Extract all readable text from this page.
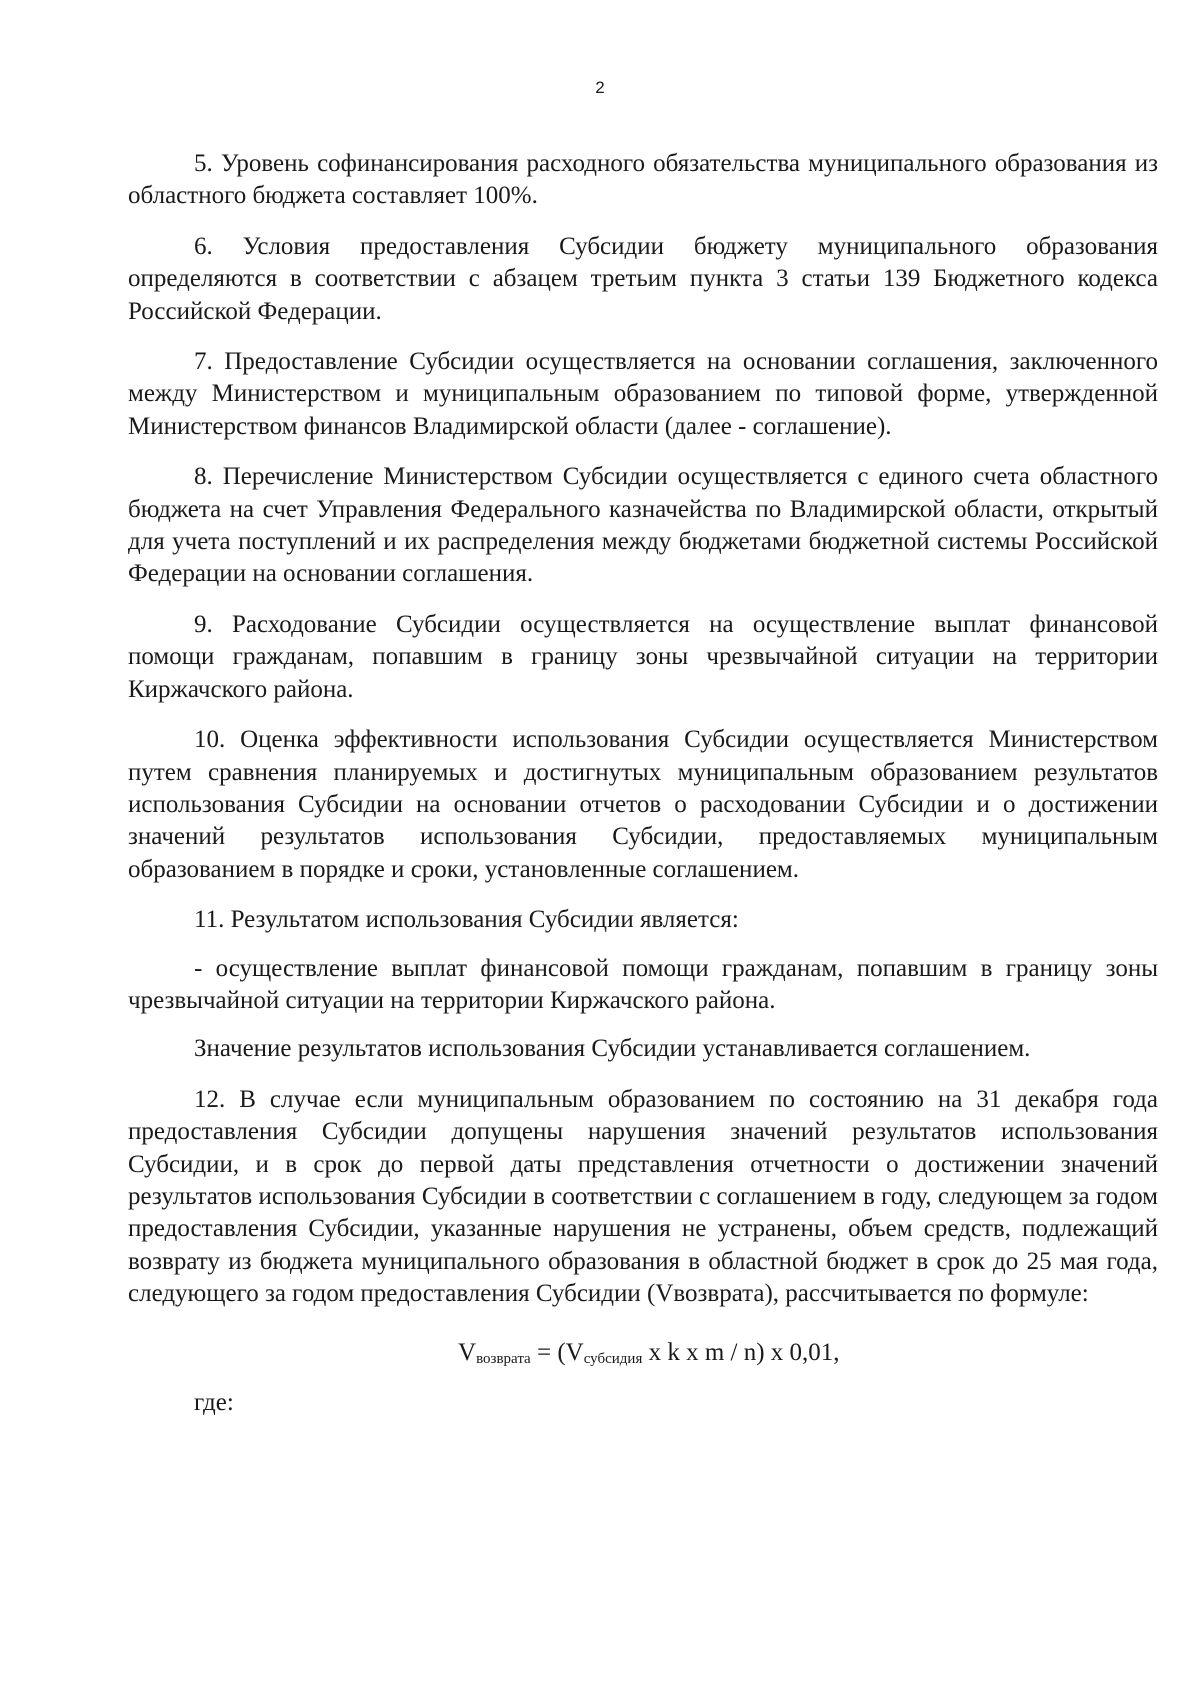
2

5. Уровень софинансирования расходного обязательства муниципального образования из областного бюджета составляет 100%.

6. Условия предоставления Субсидии бюджету муниципального образования определяются в соответствии с абзацем третьим пункта 3 статьи 139 Бюджетного кодекса Российской Федерации.

7. Предоставление Субсидии осуществляется на основании соглашения, заключенного между Министерством и муниципальным образованием по типовой форме, утвержденной Министерством финансов Владимирской области (далее - соглашение).

8. Перечисление Министерством Субсидии осуществляется с единого счета областного бюджета на счет Управления Федерального казначейства по Владимирской области, открытый для учета поступлений и их распределения между бюджетами бюджетной системы Российской Федерации на основании соглашения.

9. Расходование Субсидии осуществляется на осуществление выплат финансовой помощи гражданам, попавшим в границу зоны чрезвычайной ситуации на территории Киржачского района.

10. Оценка эффективности использования Субсидии осуществляется Министерством путем сравнения планируемых и достигнутых муниципальным образованием результатов использования Субсидии на основании отчетов о расходовании Субсидии и о достижении значений результатов использования Субсидии, предоставляемых муниципальным образованием в порядке и сроки, установленные соглашением.

11. Результатом использования Субсидии является:

- осуществление выплат финансовой помощи гражданам, попавшим в границу зоны чрезвычайной ситуации на территории Киржачского района.

Значение результатов использования Субсидии устанавливается соглашением.

12. В случае если муниципальным образованием по состоянию на 31 декабря года предоставления Субсидии допущены нарушения значений результатов использования Субсидии, и в срок до первой даты представления отчетности о достижении значений результатов использования Субсидии в соответствии с соглашением в году, следующем за годом предоставления Субсидии, указанные нарушения не устранены, объем средств, подлежащий возврату из бюджета муниципального образования в областной бюджет в срок до 25 мая года, следующего за годом предоставления Субсидии (Vвозврата), рассчитывается по формуле:

$V_{возврата} = (V_{субсидия}$ x k x m / n) x 0,01,

где:
